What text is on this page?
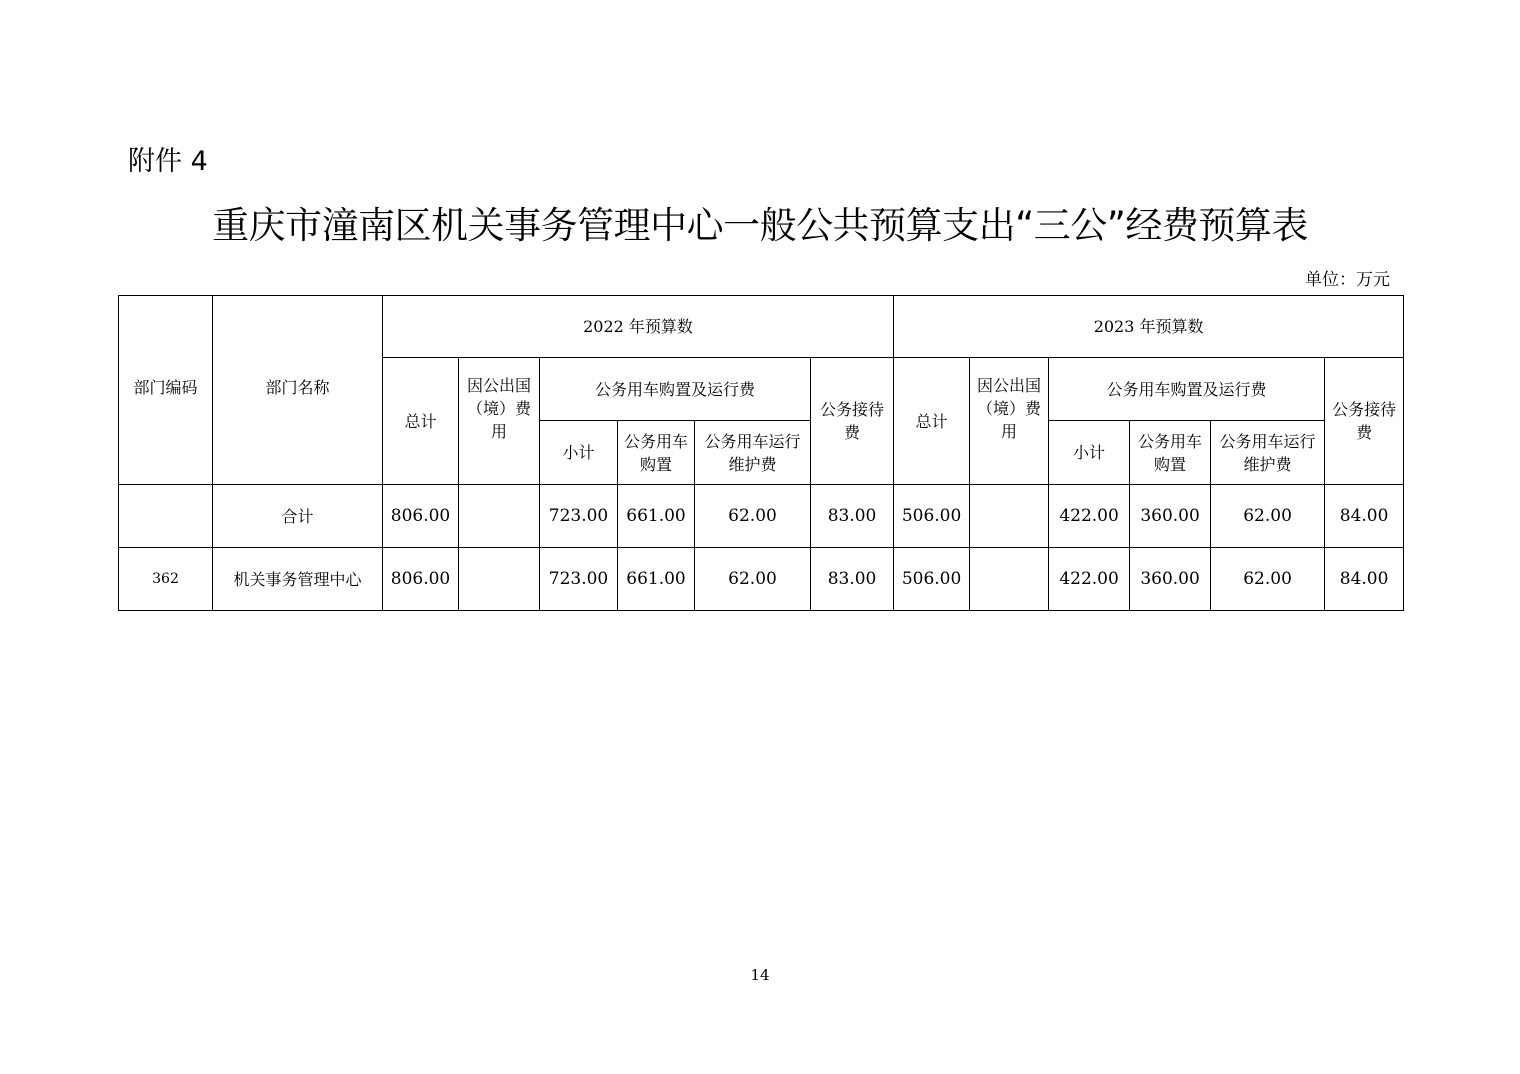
附件 4
重庆市潼南区机关事务管理中心一般公共预算支出“三公”经费预算表
单位：万元
部门编码	部门名称	2022 年预算数						2023 年预算数					
		总计	因公出国（境）费用	公务用车购置及运行费			公务接待费	总计	因公出国（境）费用	公务用车购置及运行费			公务接待费
				小计	公务用车购置	公务用车运行维护费				小计	公务用车购置	公务用车运行维护费	
	合计	806.00		723.00	661.00	62.00	83.00	506.00		422.00	360.00	62.00	84.00
362	机关事务管理中心	806.00		723.00	661.00	62.00	83.00	506.00		422.00	360.00	62.00	84.00
14
